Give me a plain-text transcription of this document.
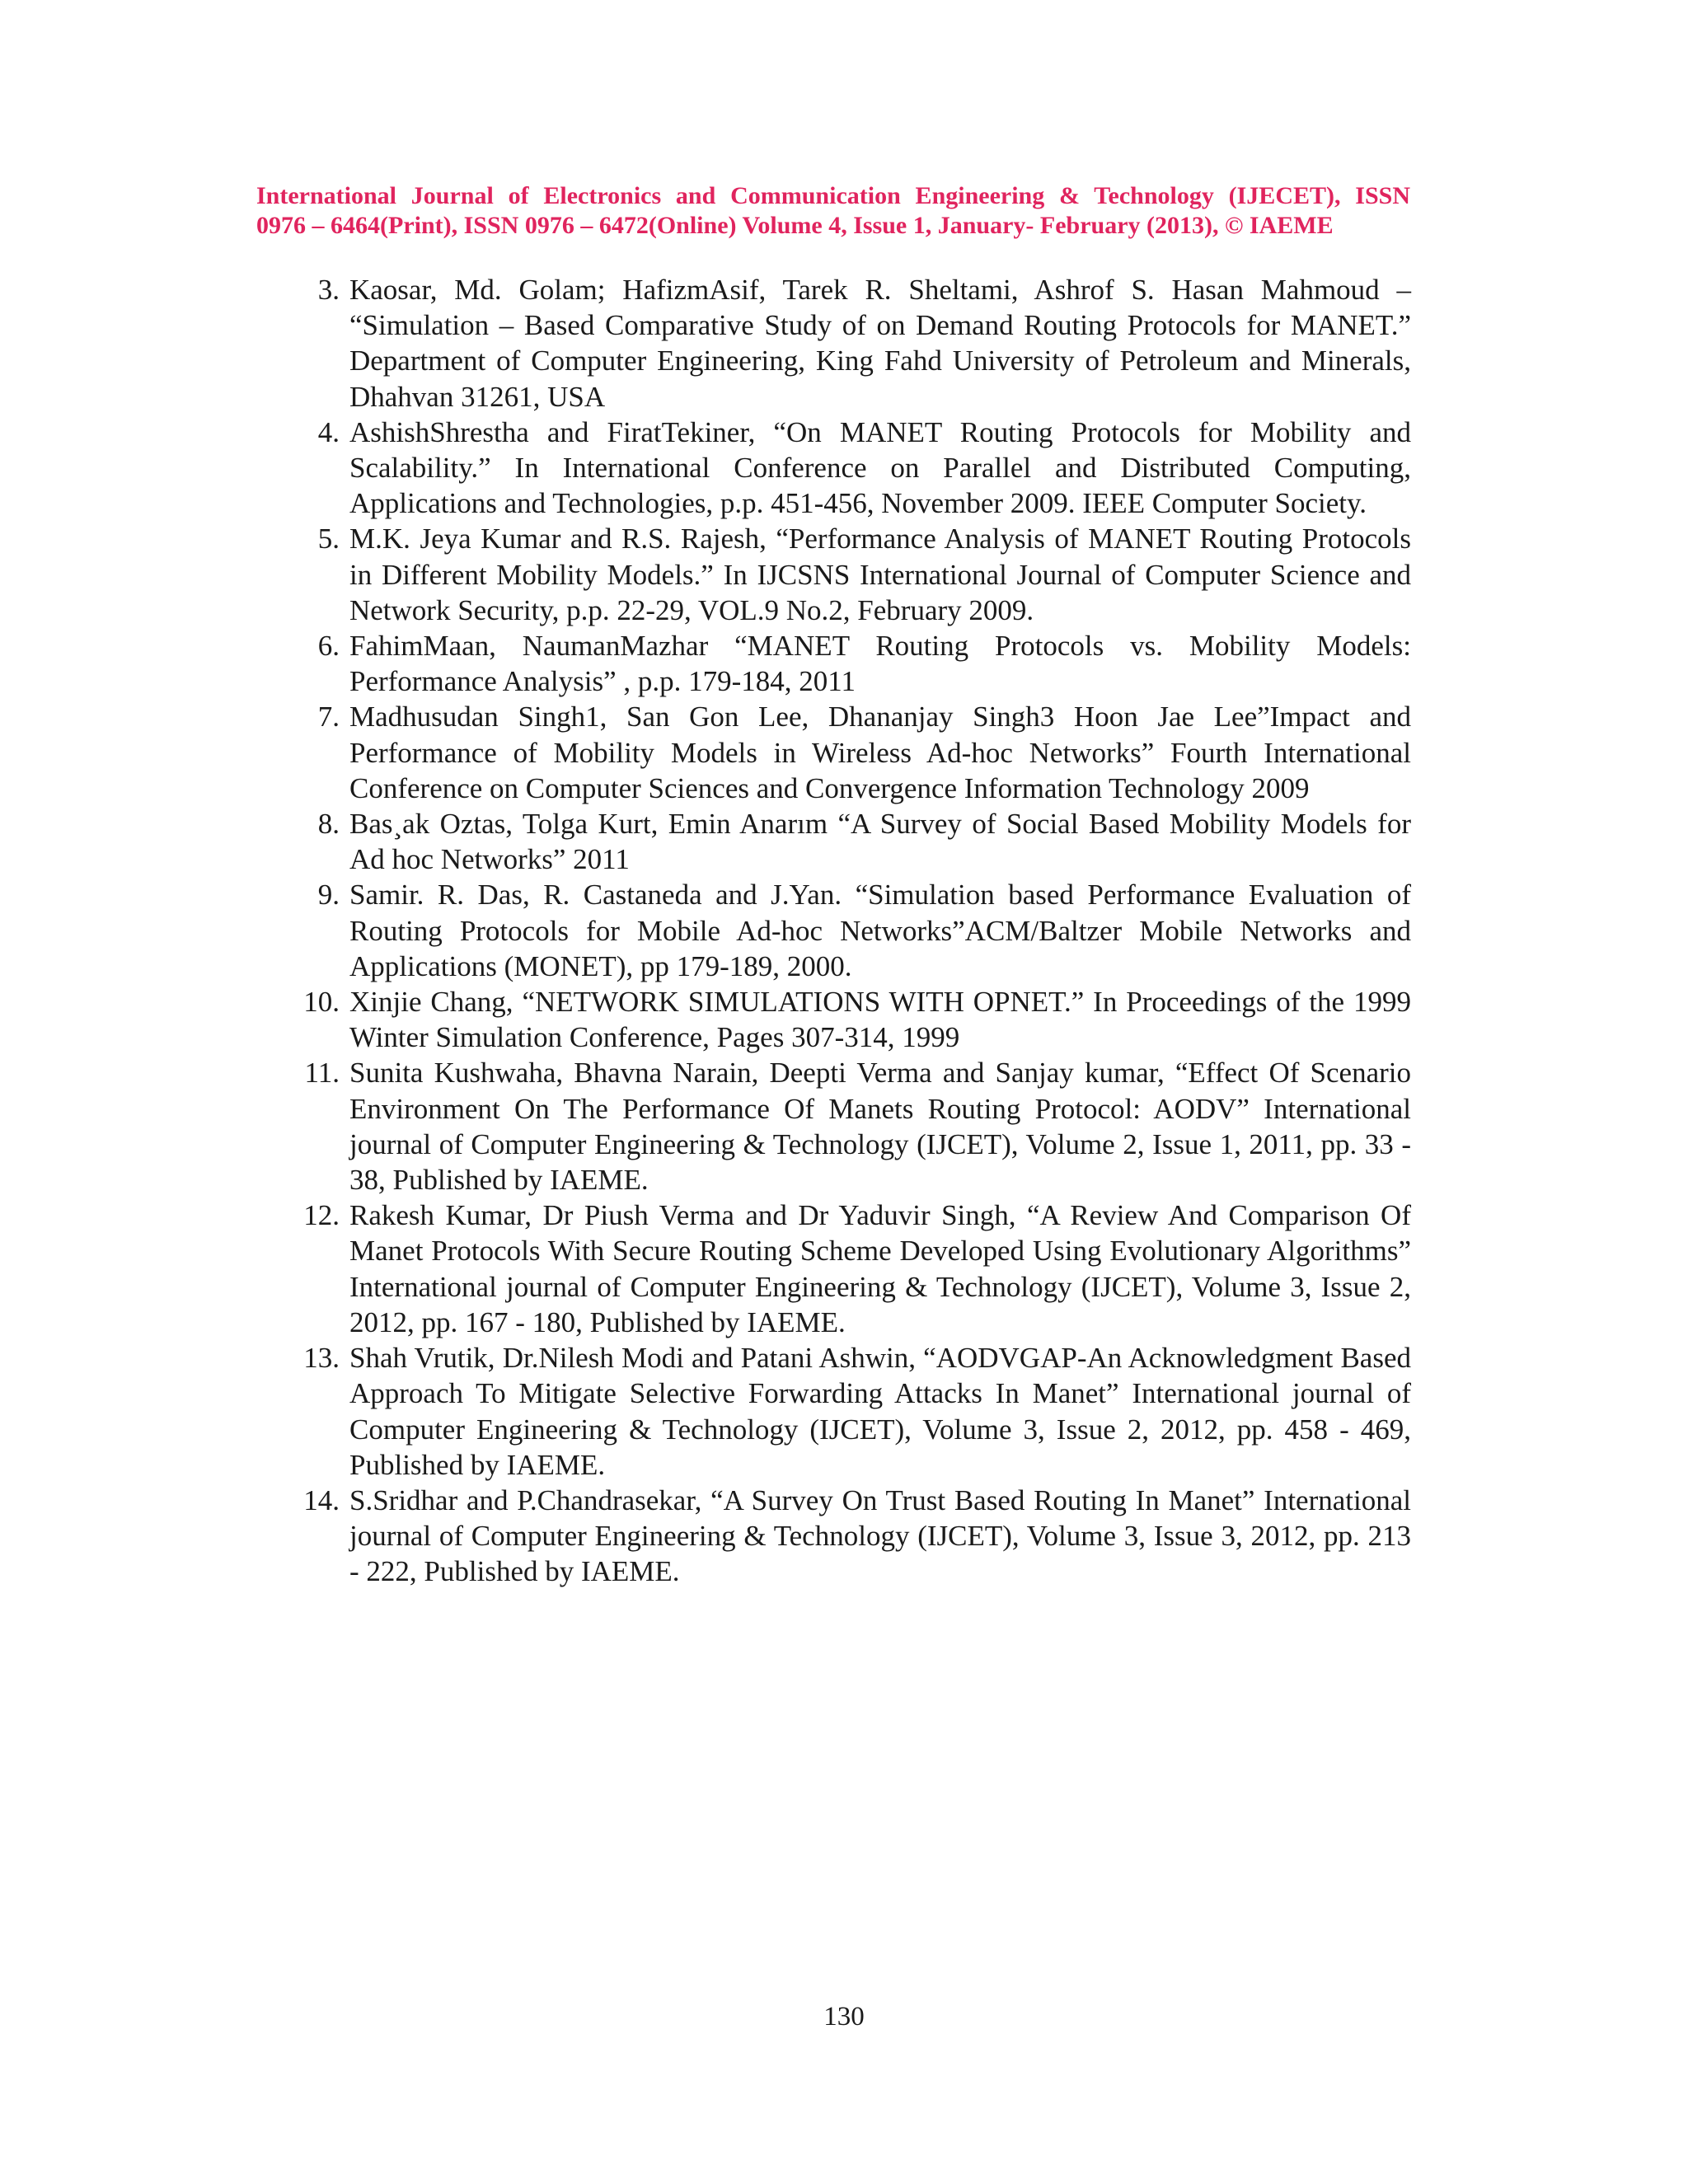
International Journal of Electronics and Communication Engineering & Technology (IJECET), ISSN
0976 – 6464(Print), ISSN 0976 – 6472(Online) Volume 4, Issue 1, January- February (2013), © IAEME
3. Kaosar, Md. Golam; HafizmAsif, Tarek R. Sheltami, Ashrof S. Hasan Mahmoud – “Simulation – Based Comparative Study of on Demand Routing Protocols for MANET.” Department of Computer Engineering, King Fahd University of Petroleum and Minerals, Dhahvan 31261, USA
4. AshishShrestha and FiratTekiner, “On MANET Routing Protocols for Mobility and Scalability.” In International Conference on Parallel and Distributed Computing, Applications and Technologies, p.p. 451-456, November 2009. IEEE Computer Society.
5. M.K. Jeya Kumar and R.S. Rajesh, “Performance Analysis of MANET Routing Protocols in Different Mobility Models.” In IJCSNS International Journal of Computer Science and Network Security, p.p. 22-29, VOL.9 No.2, February 2009.
6. FahimMaan, NaumanMazhar “MANET Routing Protocols vs. Mobility Models: Performance Analysis” , p.p. 179-184, 2011
7. Madhusudan Singh1, San Gon Lee, Dhananjay Singh3 Hoon Jae Lee”Impact and Performance of Mobility Models in Wireless Ad-hoc Networks” Fourth International Conference on Computer Sciences and Convergence Information Technology 2009
8. Bas¸ak Oztas, Tolga Kurt, Emin Anarım “A Survey of Social Based Mobility Models for Ad hoc Networks” 2011
9. Samir. R. Das, R. Castaneda and J.Yan. “Simulation based Performance Evaluation of Routing Protocols for Mobile Ad-hoc Networks”ACM/Baltzer Mobile Networks and Applications (MONET), pp 179-189, 2000.
10. Xinjie Chang, “NETWORK SIMULATIONS WITH OPNET.” In Proceedings of the 1999 Winter Simulation Conference, Pages 307-314, 1999
11. Sunita Kushwaha, Bhavna Narain, Deepti Verma and Sanjay kumar, “Effect Of Scenario Environment On The Performance Of Manets Routing Protocol: AODV” International journal of Computer Engineering & Technology (IJCET), Volume 2, Issue 1, 2011, pp. 33 - 38, Published by IAEME.
12. Rakesh Kumar, Dr Piush Verma and Dr Yaduvir Singh, “A Review And Comparison Of Manet Protocols With Secure Routing Scheme Developed Using Evolutionary Algorithms” International journal of Computer Engineering & Technology (IJCET), Volume 3, Issue 2, 2012, pp. 167 - 180, Published by IAEME.
13. Shah Vrutik, Dr.Nilesh Modi and Patani Ashwin, “AODVGAP-An Acknowledgment Based Approach To Mitigate Selective Forwarding Attacks In Manet” International journal of Computer Engineering & Technology (IJCET), Volume 3, Issue 2, 2012, pp. 458 - 469, Published by IAEME.
14. S.Sridhar and P.Chandrasekar, “A Survey On Trust Based Routing In Manet” International journal of Computer Engineering & Technology (IJCET), Volume 3, Issue 3, 2012, pp. 213 - 222, Published by IAEME.
130
